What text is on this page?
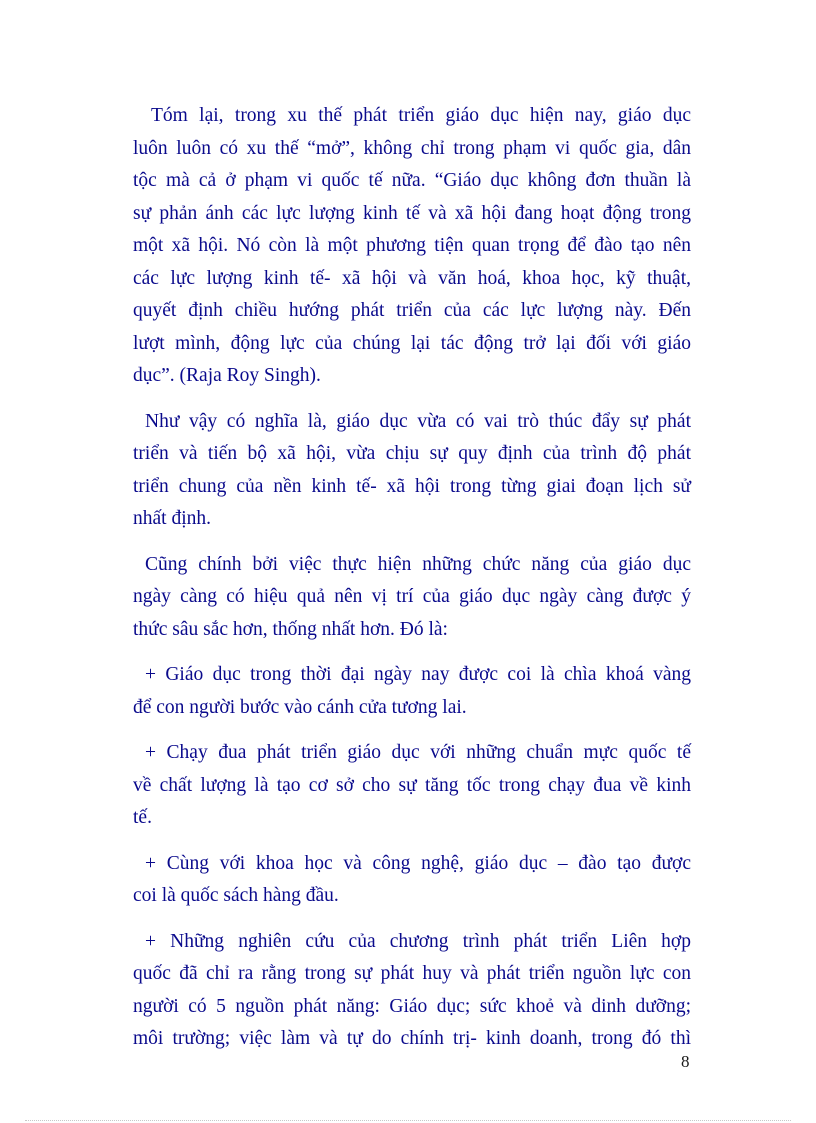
Tóm lại, trong xu thế phát triển giáo dục hiện nay, giáo dục
luôn luôn có xu thế “mở”, không chỉ trong phạm vi quốc gia, dân
tộc mà cả ở phạm vi quốc tế nữa. “Giáo dục không đơn thuần là
sự phản ánh các lực lượng kinh tế và xã hội đang hoạt động trong
một xã hội. Nó còn là một phương tiện quan trọng để đào tạo nên
các lực lượng kinh tế- xã hội và văn hoá, khoa học, kỹ thuật,
quyết định chiều hướng phát triển của các lực lượng này. Đến
lượt mình, động lực của chúng lại tác động trở lại đối với giáo
dục”. (Raja Roy Singh).

Như vậy có nghĩa là, giáo dục vừa có vai trò thúc đẩy sự phát
triển và tiến bộ xã hội, vừa chịu sự quy định của trình độ phát
triển chung của nền kinh tế- xã hội trong từng giai đoạn lịch sử
nhất định.

Cũng chính bởi việc thực hiện những chức năng của giáo dục
ngày càng có hiệu quả nên vị trí của giáo dục ngày càng được ý
thức sâu sắc hơn, thống nhất hơn. Đó là:

+ Giáo dục trong thời đại ngày nay được coi là chìa khoá vàng
để con người bước vào cánh cửa tương lai.

+ Chạy đua phát triển giáo dục với những chuẩn mực quốc tế
về chất lượng là tạo cơ sở cho sự tăng tốc trong chạy đua về kinh
tế.

+ Cùng với khoa học và công nghệ, giáo dục – đào tạo được
coi là quốc sách hàng đầu.

+ Những nghiên cứu của chương trình phát triển Liên hợp
quốc đã chỉ ra rằng trong sự phát huy và phát triển nguồn lực con
người có 5 nguồn phát năng: Giáo dục; sức khoẻ và dinh dưỡng;
môi trường; việc làm và tự do chính trị- kinh doanh, trong đó thì

8
